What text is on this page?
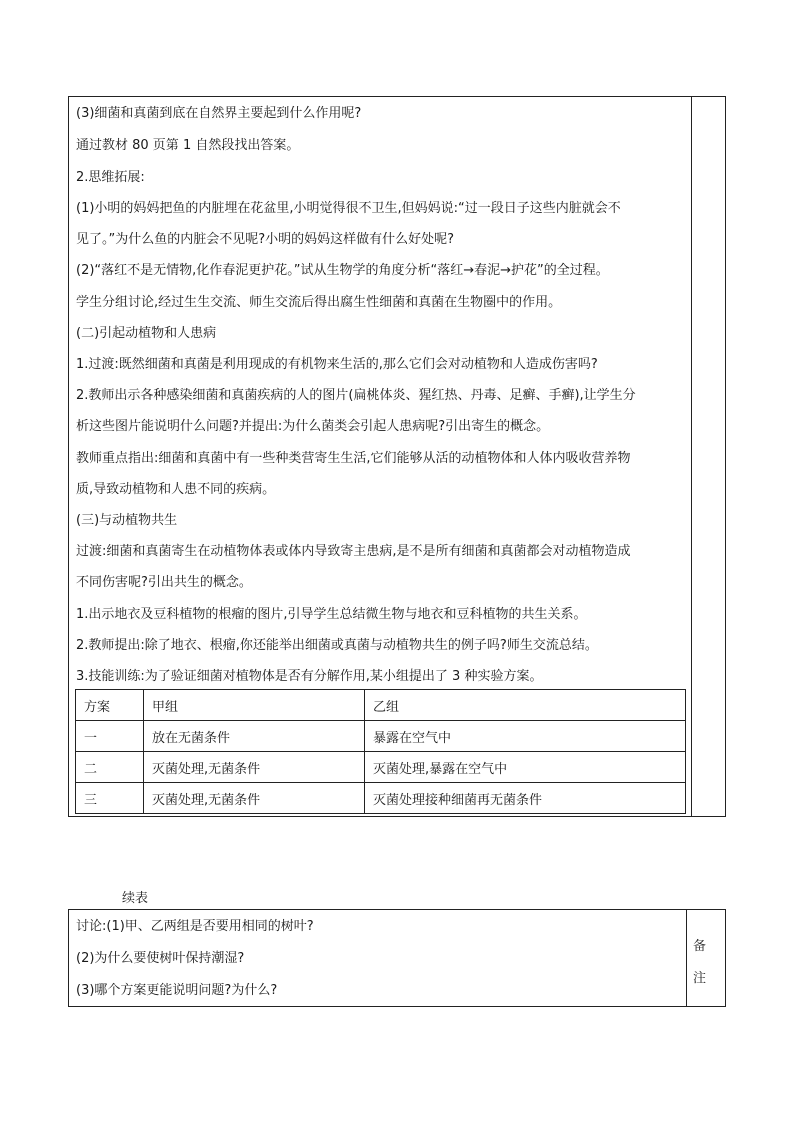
(3)细菌和真菌到底在自然界主要起到什么作用呢?
通过教材 80 页第 1 自然段找出答案。
2.思维拓展:
(1)小明的妈妈把鱼的内脏埋在花盆里,小明觉得很不卫生,但妈妈说:“过一段日子这些内脏就会不
见了。”为什么鱼的内脏会不见呢?小明的妈妈这样做有什么好处呢?
(2)“落红不是无情物,化作春泥更护花。”试从生物学的角度分析“落红→春泥→护花”的全过程。
学生分组讨论,经过生生交流、师生交流后得出腐生性细菌和真菌在生物圈中的作用。
(二)引起动植物和人患病
1.过渡:既然细菌和真菌是利用现成的有机物来生活的,那么它们会对动植物和人造成伤害吗?
2.教师出示各种感染细菌和真菌疾病的人的图片(扁桃体炎、猩红热、丹毒、足癣、手癣),让学生分
析这些图片能说明什么问题?并提出:为什么菌类会引起人患病呢?引出寄生的概念。
教师重点指出:细菌和真菌中有一些种类营寄生生活,它们能够从活的动植物体和人体内吸收营养物
质,导致动植物和人患不同的疾病。
(三)与动植物共生
过渡:细菌和真菌寄生在动植物体表或体内导致寄主患病,是不是所有细菌和真菌都会对动植物造成
不同伤害呢?引出共生的概念。
1.出示地衣及豆科植物的根瘤的图片,引导学生总结微生物与地衣和豆科植物的共生关系。
2.教师提出:除了地衣、根瘤,你还能举出细菌或真菌与动植物共生的例子吗?师生交流总结。
3.技能训练:为了验证细菌对植物体是否有分解作用,某小组提出了 3 种实验方案。
方案	甲组	乙组
一	放在无菌条件	暴露在空气中
二	灭菌处理,无菌条件	灭菌处理,暴露在空气中
三	灭菌处理,无菌条件	灭菌处理接种细菌再无菌条件
续表
讨论:(1)甲、乙两组是否要用相同的树叶?
(2)为什么要使树叶保持潮湿?
(3)哪个方案更能说明问题?为什么?
备
注
